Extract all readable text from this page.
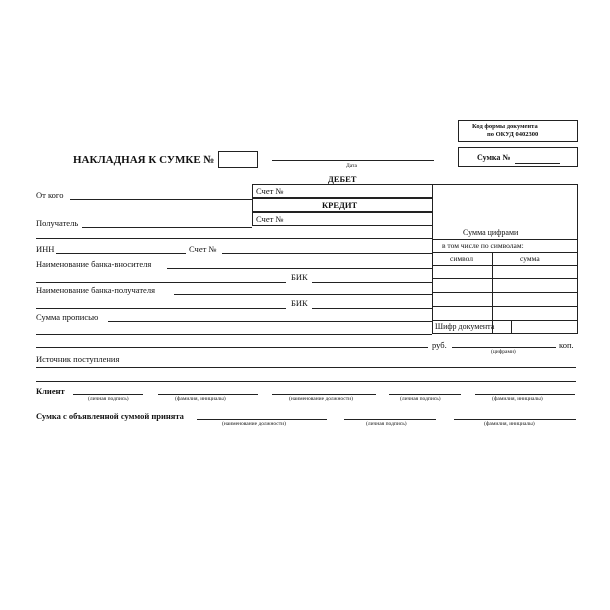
Код формы документа
по ОКУД 0402300
Сумка №
НАКЛАДНАЯ К СУМКЕ №	Дата
Сумма цифрами
в том числе по символам:
символ	сумма
Шифр документа
ДЕБЕТ
От кого	Счет №
КРЕДИТ
Получатель	Счет №
ИНН	Счет №
Наименование банка-вносителя
БИК
Наименование банка-получателя
БИК
Сумма прописью
руб.
(цифрами)
коп.
Источник поступления
Клиент
(личная подпись)	(фамилия, инициалы)	(наименование должности)	(личная подпись)	(фамилия, инициалы)
Сумка с объявленной суммой принята
(наименование должности)	(личная подпись)	(фамилия, инициалы)
